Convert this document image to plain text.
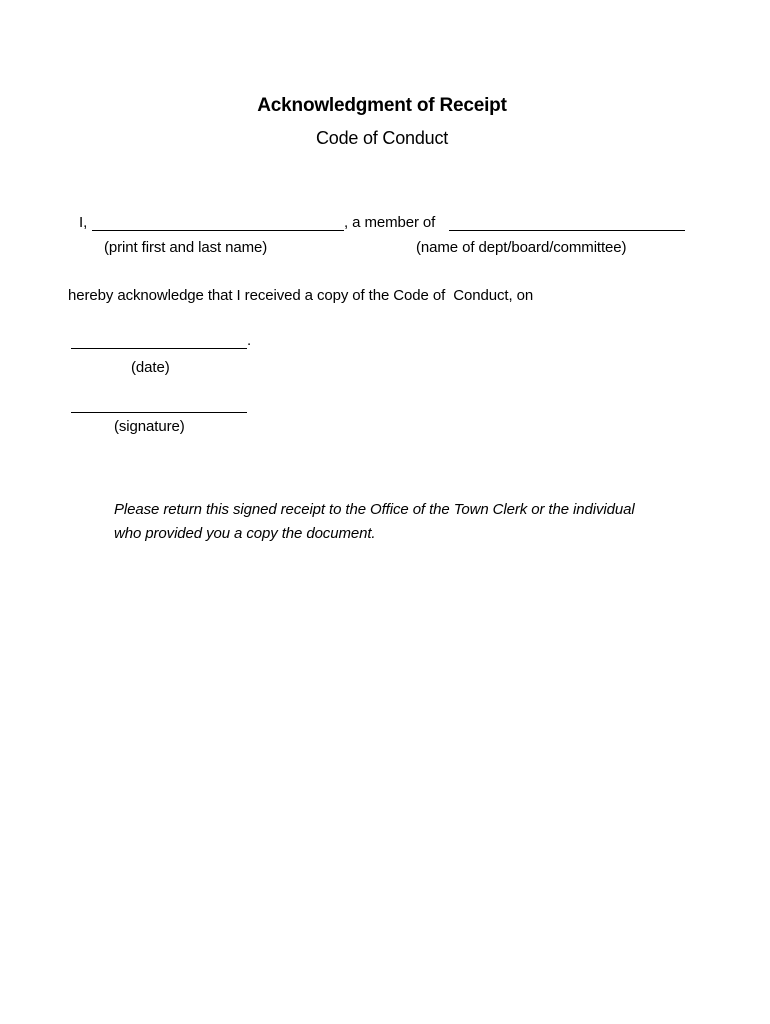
Acknowledgment of Receipt
Code of Conduct
I,	, a member of
(print first and last name)	(name of dept/board/committee)
hereby acknowledge that I received a copy of the Code of  Conduct, on
.
(date)
(signature)
Please return this signed receipt to the Office of the Town Clerk or the individual
who provided you a copy the document.
